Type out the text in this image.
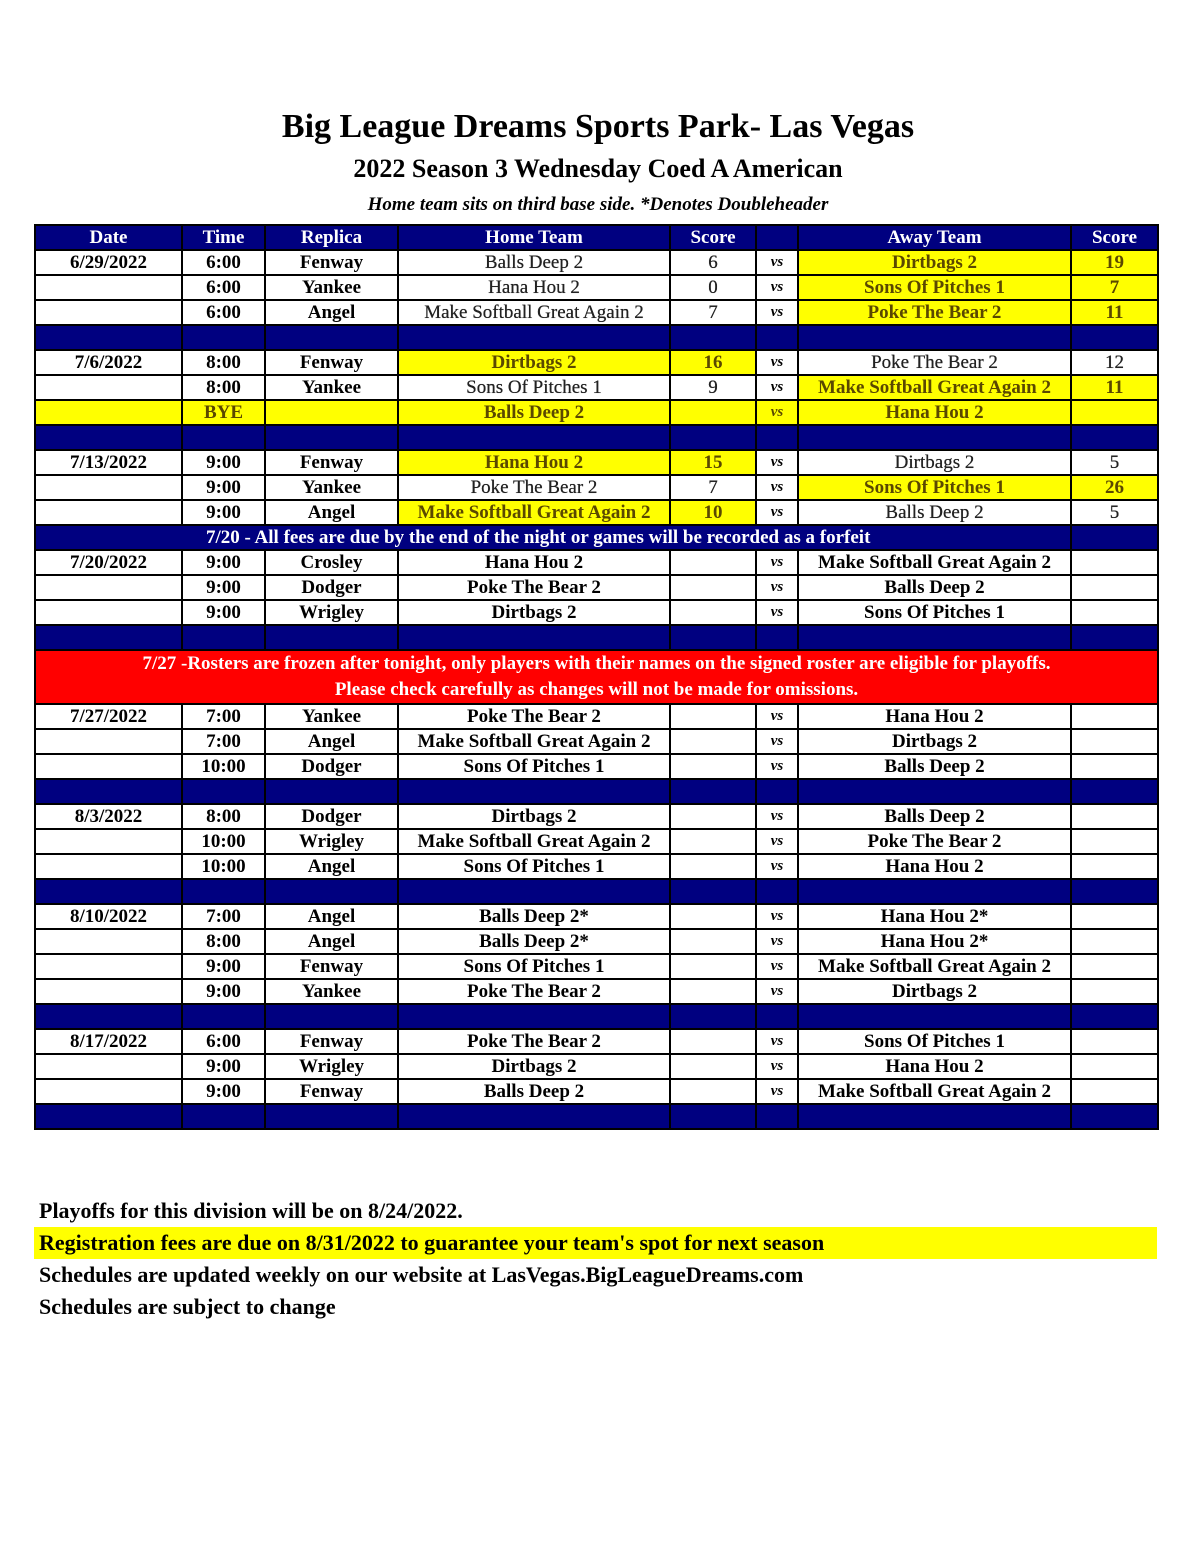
Big League Dreams Sports Park- Las Vegas
2022 Season 3 Wednesday Coed A American
Home team sits on third base side. *Denotes Doubleheader
Date	Time	Replica	Home Team	Score		Away Team	Score
6/29/2022	6:00	Fenway	Balls Deep 2	6	vs	Dirtbags 2	19
	6:00	Yankee	Hana Hou 2	0	vs	Sons Of Pitches 1	7
	6:00	Angel	Make Softball Great Again 2	7	vs	Poke The Bear 2	11

7/6/2022	8:00	Fenway	Dirtbags 2	16	vs	Poke The Bear 2	12
	8:00	Yankee	Sons Of Pitches 1	9	vs	Make Softball Great Again 2	11
	BYE		Balls Deep 2		vs	Hana Hou 2	

7/13/2022	9:00	Fenway	Hana Hou 2	15	vs	Dirtbags 2	5
	9:00	Yankee	Poke The Bear 2	7	vs	Sons Of Pitches 1	26
	9:00	Angel	Make Softball Great Again 2	10	vs	Balls Deep 2	5
7/20 - All fees are due by the end of the night or games will be recorded as a forfeit							
7/20/2022	9:00	Crosley	Hana Hou 2		vs	Make Softball Great Again 2	
	9:00	Dodger	Poke The Bear 2		vs	Balls Deep 2	
	9:00	Wrigley	Dirtbags 2		vs	Sons Of Pitches 1	

7/27 -Rosters are frozen after tonight, only players with their names on the signed roster are eligible for playoffs.
Please check carefully as changes will not be made for omissions.							

7/27/2022	7:00	Yankee	Poke The Bear 2		vs	Hana Hou 2	
	7:00	Angel	Make Softball Great Again 2		vs	Dirtbags 2	
	10:00	Dodger	Sons Of Pitches 1		vs	Balls Deep 2	

8/3/2022	8:00	Dodger	Dirtbags 2		vs	Balls Deep 2	
	10:00	Wrigley	Make Softball Great Again 2		vs	Poke The Bear 2	
	10:00	Angel	Sons Of Pitches 1		vs	Hana Hou 2	

8/10/2022	7:00	Angel	Balls Deep 2*		vs	Hana Hou 2*	
	8:00	Angel	Balls Deep 2*		vs	Hana Hou 2*	
	9:00	Fenway	Sons Of Pitches 1		vs	Make Softball Great Again 2	
	9:00	Yankee	Poke The Bear 2		vs	Dirtbags 2	

8/17/2022	6:00	Fenway	Poke The Bear 2		vs	Sons Of Pitches 1	
	9:00	Wrigley	Dirtbags 2		vs	Hana Hou 2	
	9:00	Fenway	Balls Deep 2		vs	Make Softball Great Again 2	

Playoffs for this division will be on 8/24/2022.
Registration fees are due on 8/31/2022 to guarantee your team's spot for next season
Schedules are updated weekly on our website at LasVegas.BigLeagueDreams.com
Schedules are subject to change
